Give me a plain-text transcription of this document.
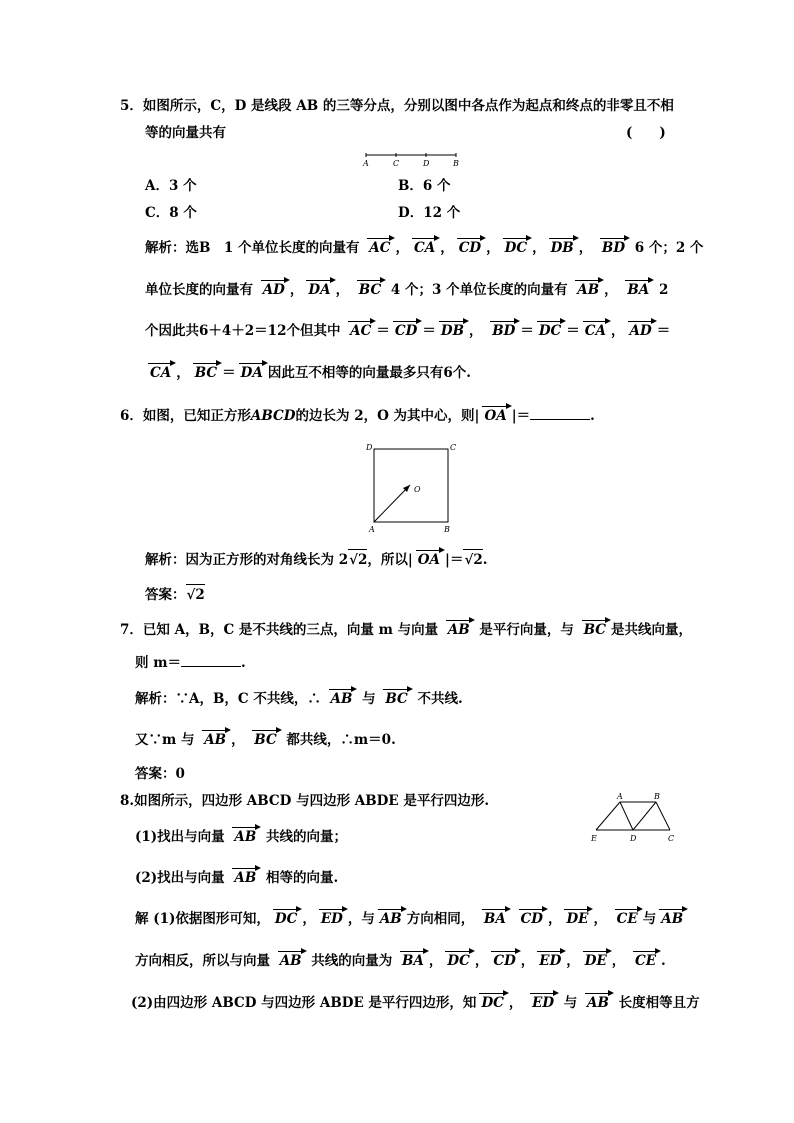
5．如图所示，C，D 是线段 AB 的三等分点，分别以图中各点作为起点和终点的非零且不相
等的向量共有	(　　)
A	C	D	B
A．3 个	B．6 个
C．8 个	D．12 个
解析：选B　1 个单位长度的向量有 AC ， CA ， CD ， DC ， DB ， BD 6 个；2 个
单位长度的向量有 AD ， DA ， BC 4 个；3 个单位长度的向量有 AB ， BA 2
个因此共6＋4＋2＝12个但其中 AC ＝ CD ＝ DB ， BD ＝ DC ＝ CA ， AD ＝
CA ， BC ＝ DA 因此互不相等的向量最多只有6个.
6．如图，已知正方形ABCD的边长为 2，O 为其中心，则| OA |＝	.
D	C
O
A	B
解析：因为正方形的对角线长为 2√2，所以| OA |＝√2.
答案：√2
7．已知 A，B，C 是不共线的三点，向量 m 与向量 AB 是平行向量，与 BC 是共线向量，
则 m＝	.
解析：∵A，B，C 不共线，∴ AB 与 BC 不共线.
又∵m 与 AB ， BC 都共线，∴m＝0.
答案：0
8.如图所示，四边形 ABCD 与四边形 ABDE 是平行四边形.
(1)找出与向量 AB 共线的向量；
(2)找出与向量 AB 相等的向量.
A	B
E	D	C
解 (1)依据图形可知， DC ， ED ，与 AB 方向相同， BA CD ， DE ， CE 与 AB
方向相反，所以与向量 AB 共线的向量为 BA ， DC ， CD ， ED ， DE ， CE .
(2)由四边形 ABCD 与四边形 ABDE 是平行四边形，知 DC ， ED 与 AB 长度相等且方
